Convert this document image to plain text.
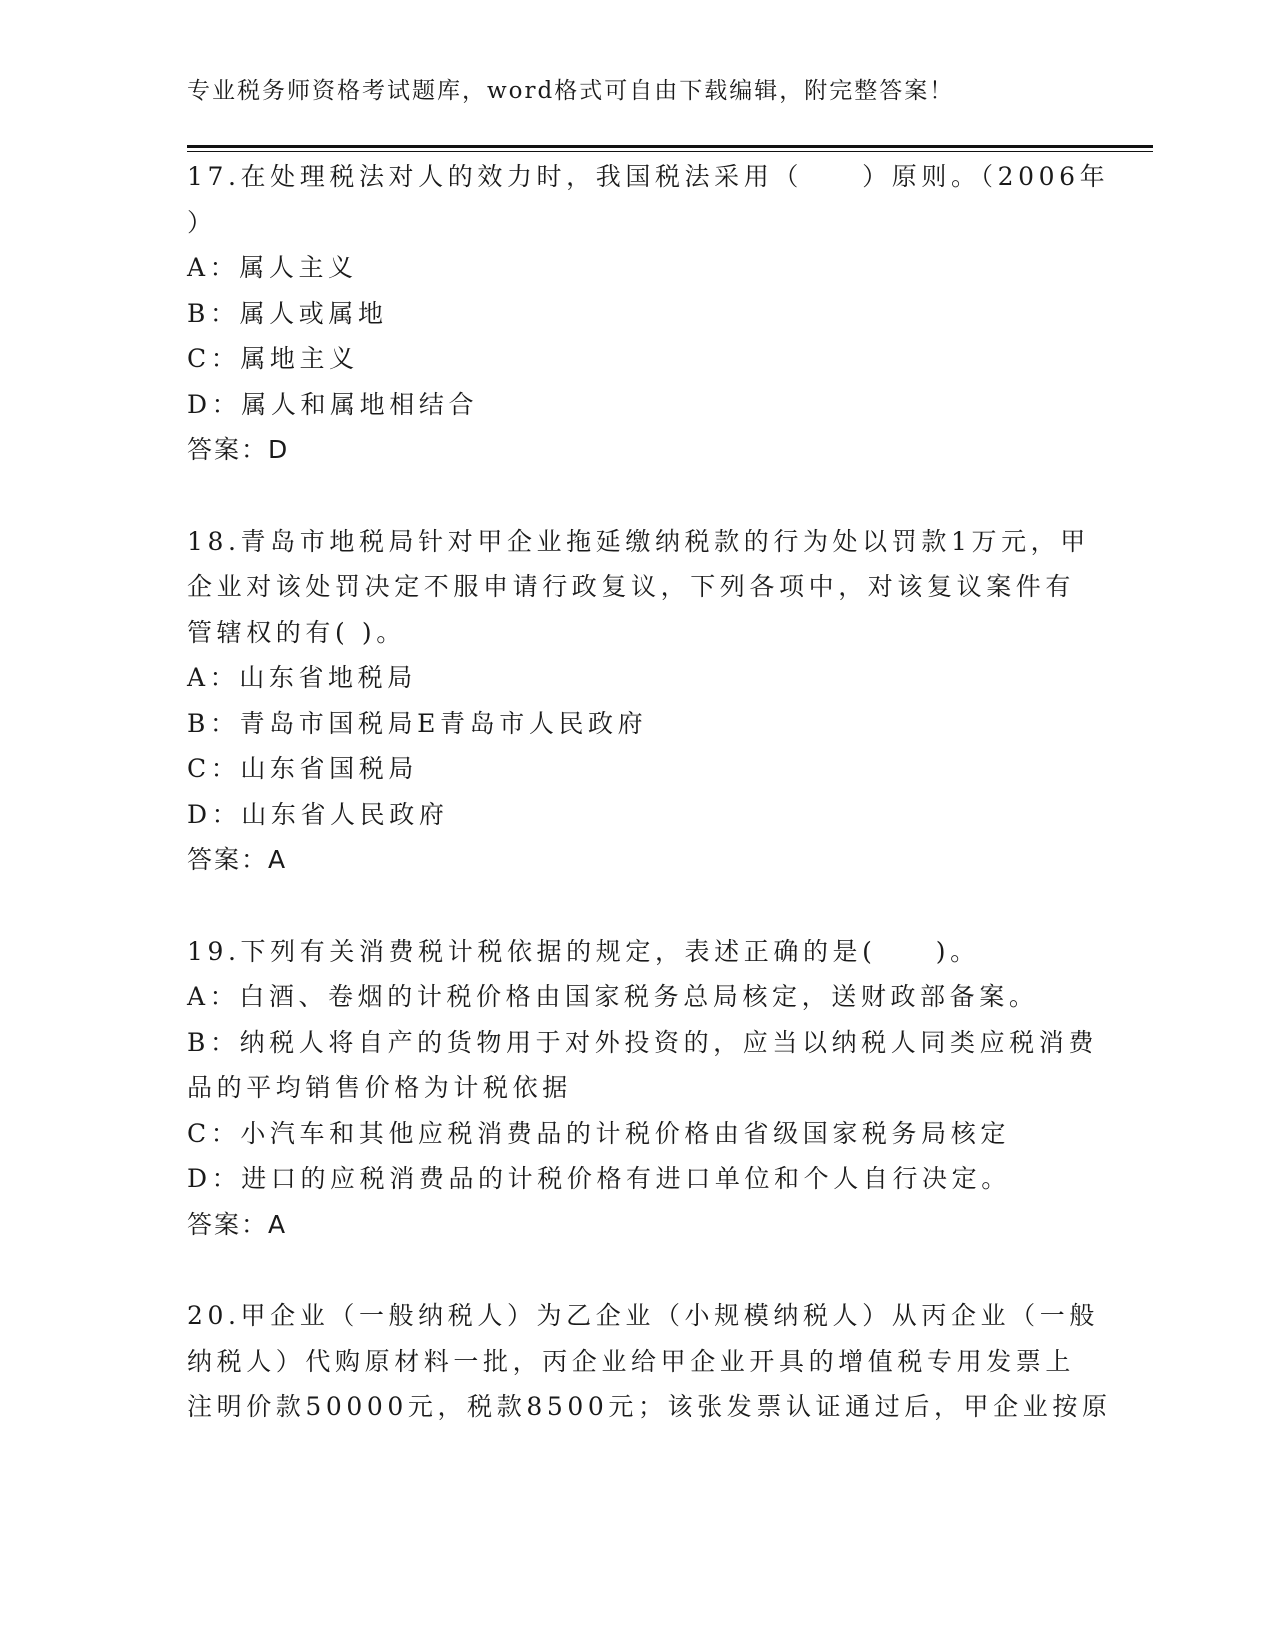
专业税务师资格考试题库，word格式可自由下载编辑，附完整答案！
17.在处理税法对人的效力时，我国税法采用（　　）原则。（2006年
）
A：属人主义
B：属人或属地
C：属地主义
D：属人和属地相结合
答案：D
18.青岛市地税局针对甲企业拖延缴纳税款的行为处以罚款1万元，甲
企业对该处罚决定不服申请行政复议，下列各项中，对该复议案件有
管辖权的有( )。
A：山东省地税局
B：青岛市国税局E青岛市人民政府
C：山东省国税局
D：山东省人民政府
答案：A
19.下列有关消费税计税依据的规定，表述正确的是(　　)。
A：白酒、卷烟的计税价格由国家税务总局核定，送财政部备案。
B：纳税人将自产的货物用于对外投资的，应当以纳税人同类应税消费
品的平均销售价格为计税依据
C：小汽车和其他应税消费品的计税价格由省级国家税务局核定
D：进口的应税消费品的计税价格有进口单位和个人自行决定。
答案：A
20.甲企业（一般纳税人）为乙企业（小规模纳税人）从丙企业（一般
纳税人）代购原材料一批，丙企业给甲企业开具的增值税专用发票上
注明价款50000元，税款8500元；该张发票认证通过后，甲企业按原
